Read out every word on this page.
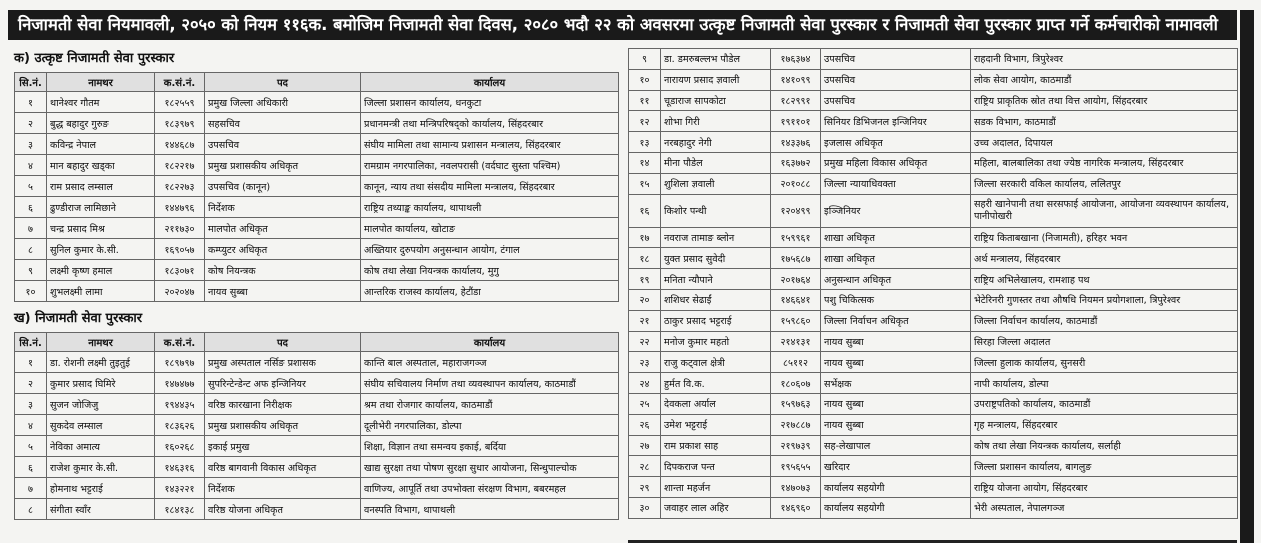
निजामती सेवा नियमावली, २०५० को नियम ११६क. बमोजिम निजामती सेवा दिवस, २०८० भदौ २२ को अवसरमा उत्कृष्ट निजामती सेवा पुरस्कार र निजामती सेवा पुरस्कार प्राप्त गर्ने कर्मचारीको नामावली
क) उत्कृष्ट निजामती सेवा पुरस्कार
सि.नं.	नामथर	क.सं.नं.	पद	कार्यालय
१	थानेश्वर गौतम	१८२५५९	प्रमुख जिल्ला अधिकारी	जिल्ला प्रशासन कार्यालय, धनकुटा
२	बुद्ध बहादुर गुरुङ	१८३९७९	सहसचिव	प्रधानमन्त्री तथा मन्त्रिपरिषद्को कार्यालय, सिंहदरबार
३	कविन्द्र नेपाल	१४४६८७	उपसचिव	संघीय मामिला तथा सामान्य प्रशासन मन्त्रालय, सिंहदरबार
४	मान बहादुर खड्का	१८२२१७	प्रमुख प्रशासकीय अधिकृत	रामग्राम नगरपालिका, नवलपरासी (वर्दघाट सुस्ता पश्चिम)
५	राम प्रसाद लम्साल	१८२२७३	उपसचिव (कानून)	कानून, न्याय तथा संसदीय मामिला मन्त्रालय, सिंहदरबार
६	ढुण्डीराज लामिछाने	१४४७९६	निर्देशक	राष्ट्रिय तथ्याङ्क कार्यालय, थापाथली
७	चन्द्र प्रसाद मिश्र	२११७३०	मालपोत अधिकृत	मालपोत कार्यालय, खोटाङ
८	सुनिल कुमार के.सी.	१६९०५७	कम्प्युटर अधिकृत	अख्तियार दुरुपयोग अनुसन्धान आयोग, टंगाल
९	लक्ष्मी कृष्ण हमाल	१८३०७१	कोष नियन्त्रक	कोष तथा लेखा नियन्त्रक कार्यालय, मुगु
१०	शुभलक्ष्मी लामा	२०२०४७	नायव सुब्बा	आन्तरिक राजस्व कार्यालय, हेटौंडा
ख) निजामती सेवा पुरस्कार
सि.नं.	नामथर	क.सं.नं.	पद	कार्यालय
१	डा. रोशनी लक्ष्मी तुइतुई	१८९७९७	प्रमुख अस्पताल नर्सिङ प्रशासक	कान्ति बाल अस्पताल, महाराजगञ्ज
२	कुमार प्रसाद घिमिरे	१४७४७७	सुपरिन्टेन्डेन्ट अफ इन्जिनियर	संघीय सचिवालय निर्माण तथा व्यवस्थापन कार्यालय, काठमाडौं
३	सुजन जोजिजु	१९४४३५	वरिष्ठ कारखाना निरीक्षक	श्रम तथा रोजगार कार्यालय, काठमाडौं
४	सुकदेव लम्साल	१८३६२६	प्रमुख प्रशासकीय अधिकृत	दूलीभेरी नगरपालिका, डोल्पा
५	नेविका अमात्य	१६०२६८	इकाई प्रमुख	शिक्षा, विज्ञान तथा समन्वय इकाई, बर्दिया
६	राजेश कुमार के.सी.	१४६३१६	वरिष्ठ बागवानी विकास अधिकृत	खाद्य सुरक्षा तथा पोषण सुरक्षा सुधार आयोजना, सिन्धुपाल्चोक
७	होमनाथ भट्टराई	१४३२२१	निर्देशक	वाणिज्य, आपूर्ति तथा उपभोक्ता संरक्षण विभाग, बबरमहल
८	संगीता स्वाँर	१८४१३८	वरिष्ठ योजना अधिकृत	वनस्पति विभाग, थापाथली
९	डा. डमरुबल्लभ पौडेल	१७६३७४	उपसचिव	राहदानी विभाग, त्रिपुरेश्वर
१०	नारायण प्रसाद ज्ञवाली	१४१०९९	उपसचिव	लोक सेवा आयोग, काठमाडौं
११	चूडाराज सापकोटा	१८२९९१	उपसचिव	राष्ट्रिय प्राकृतिक स्रोत तथा वित्त आयोग, सिंहदरबार
१२	शोभा गिरी	१९११०१	सिनियर डिभिजनल इन्जिनियर	सडक विभाग, काठमाडौं
१३	नरबहादुर नेगी	१४३३७६	इजलास अधिकृत	उच्च अदालत, दिपायल
१४	मीना पौडेल	१६३७७२	प्रमुख महिला विकास अधिकृत	महिला, बालबालिका तथा ज्येष्ठ नागरिक मन्त्रालय, सिंहदरबार
१५	शुशिला ज्ञवाली	२०१०८८	जिल्ला न्यायाधिवक्ता	जिल्ला सरकारी वकिल कार्यालय, ललितपुर
१६	किशोर पन्थी	१२०४९९	इञ्जिनियर	सहरी खानेपानी तथा सरसफाई आयोजना, आयोजना व्यवस्थापन कार्यालय, पानीपोखरी
१७	नवराज तामाङ ब्लोन	१५९९६१	शाखा अधिकृत	राष्ट्रिय किताबखाना (निजामती), हरिहर भवन
१८	युक्त प्रसाद सुवेदी	१७५६८७	शाखा अधिकृत	अर्थ मन्त्रालय, सिंहदरबार
१९	मनिता न्यौपाने	२०१७६४	अनुसन्धान अधिकृत	राष्ट्रिय अभिलेखालय, रामशाह पथ
२०	शशिधर सेढाईं	१४६६४१	पशु चिकित्सक	भेटेरिनरी गुणस्तर तथा औषधि नियमन प्रयोगशाला, त्रिपुरेश्वर
२१	ठाकुर प्रसाद भट्टराई	१५९८६०	जिल्ला निर्वाचन अधिकृत	जिल्ला निर्वाचन कार्यालय, काठमाडौं
२२	मनोज कुमार महतो	२१४१३१	नायव सुब्बा	सिरहा जिल्ला अदालत
२३	राजु कट्वाल क्षेत्री	८५११२	नायव सुब्बा	जिल्ला हुलाक कार्यालय, सुनसरी
२४	हुर्मत वि.क.	१८०६०७	सर्भेक्षक	नापी कार्यालय, डोल्पा
२५	देवकला अर्याल	१५९७६३	नायव सुब्बा	उपराष्ट्रपतिको कार्यालय, काठमाडौं
२६	उमेश भट्टराई	२१७८८७	नायव सुब्बा	गृह मन्त्रालय, सिंहदरबार
२७	राम प्रकाश साह	२१९७३९	सह-लेखापाल	कोष तथा लेखा नियन्त्रक कार्यालय, सर्लाही
२८	दिपकराज पन्त	१९५६५५	खरिदार	जिल्ला प्रशासन कार्यालय, बागलुङ
२९	शान्ता महर्जन	१४७०७३	कार्यालय सहयोगी	राष्ट्रिय योजना आयोग, सिंहदरबार
३०	जवाहर लाल अहिर	१४६९६०	कार्यालय सहयोगी	भेरी अस्पताल, नेपालगञ्ज
